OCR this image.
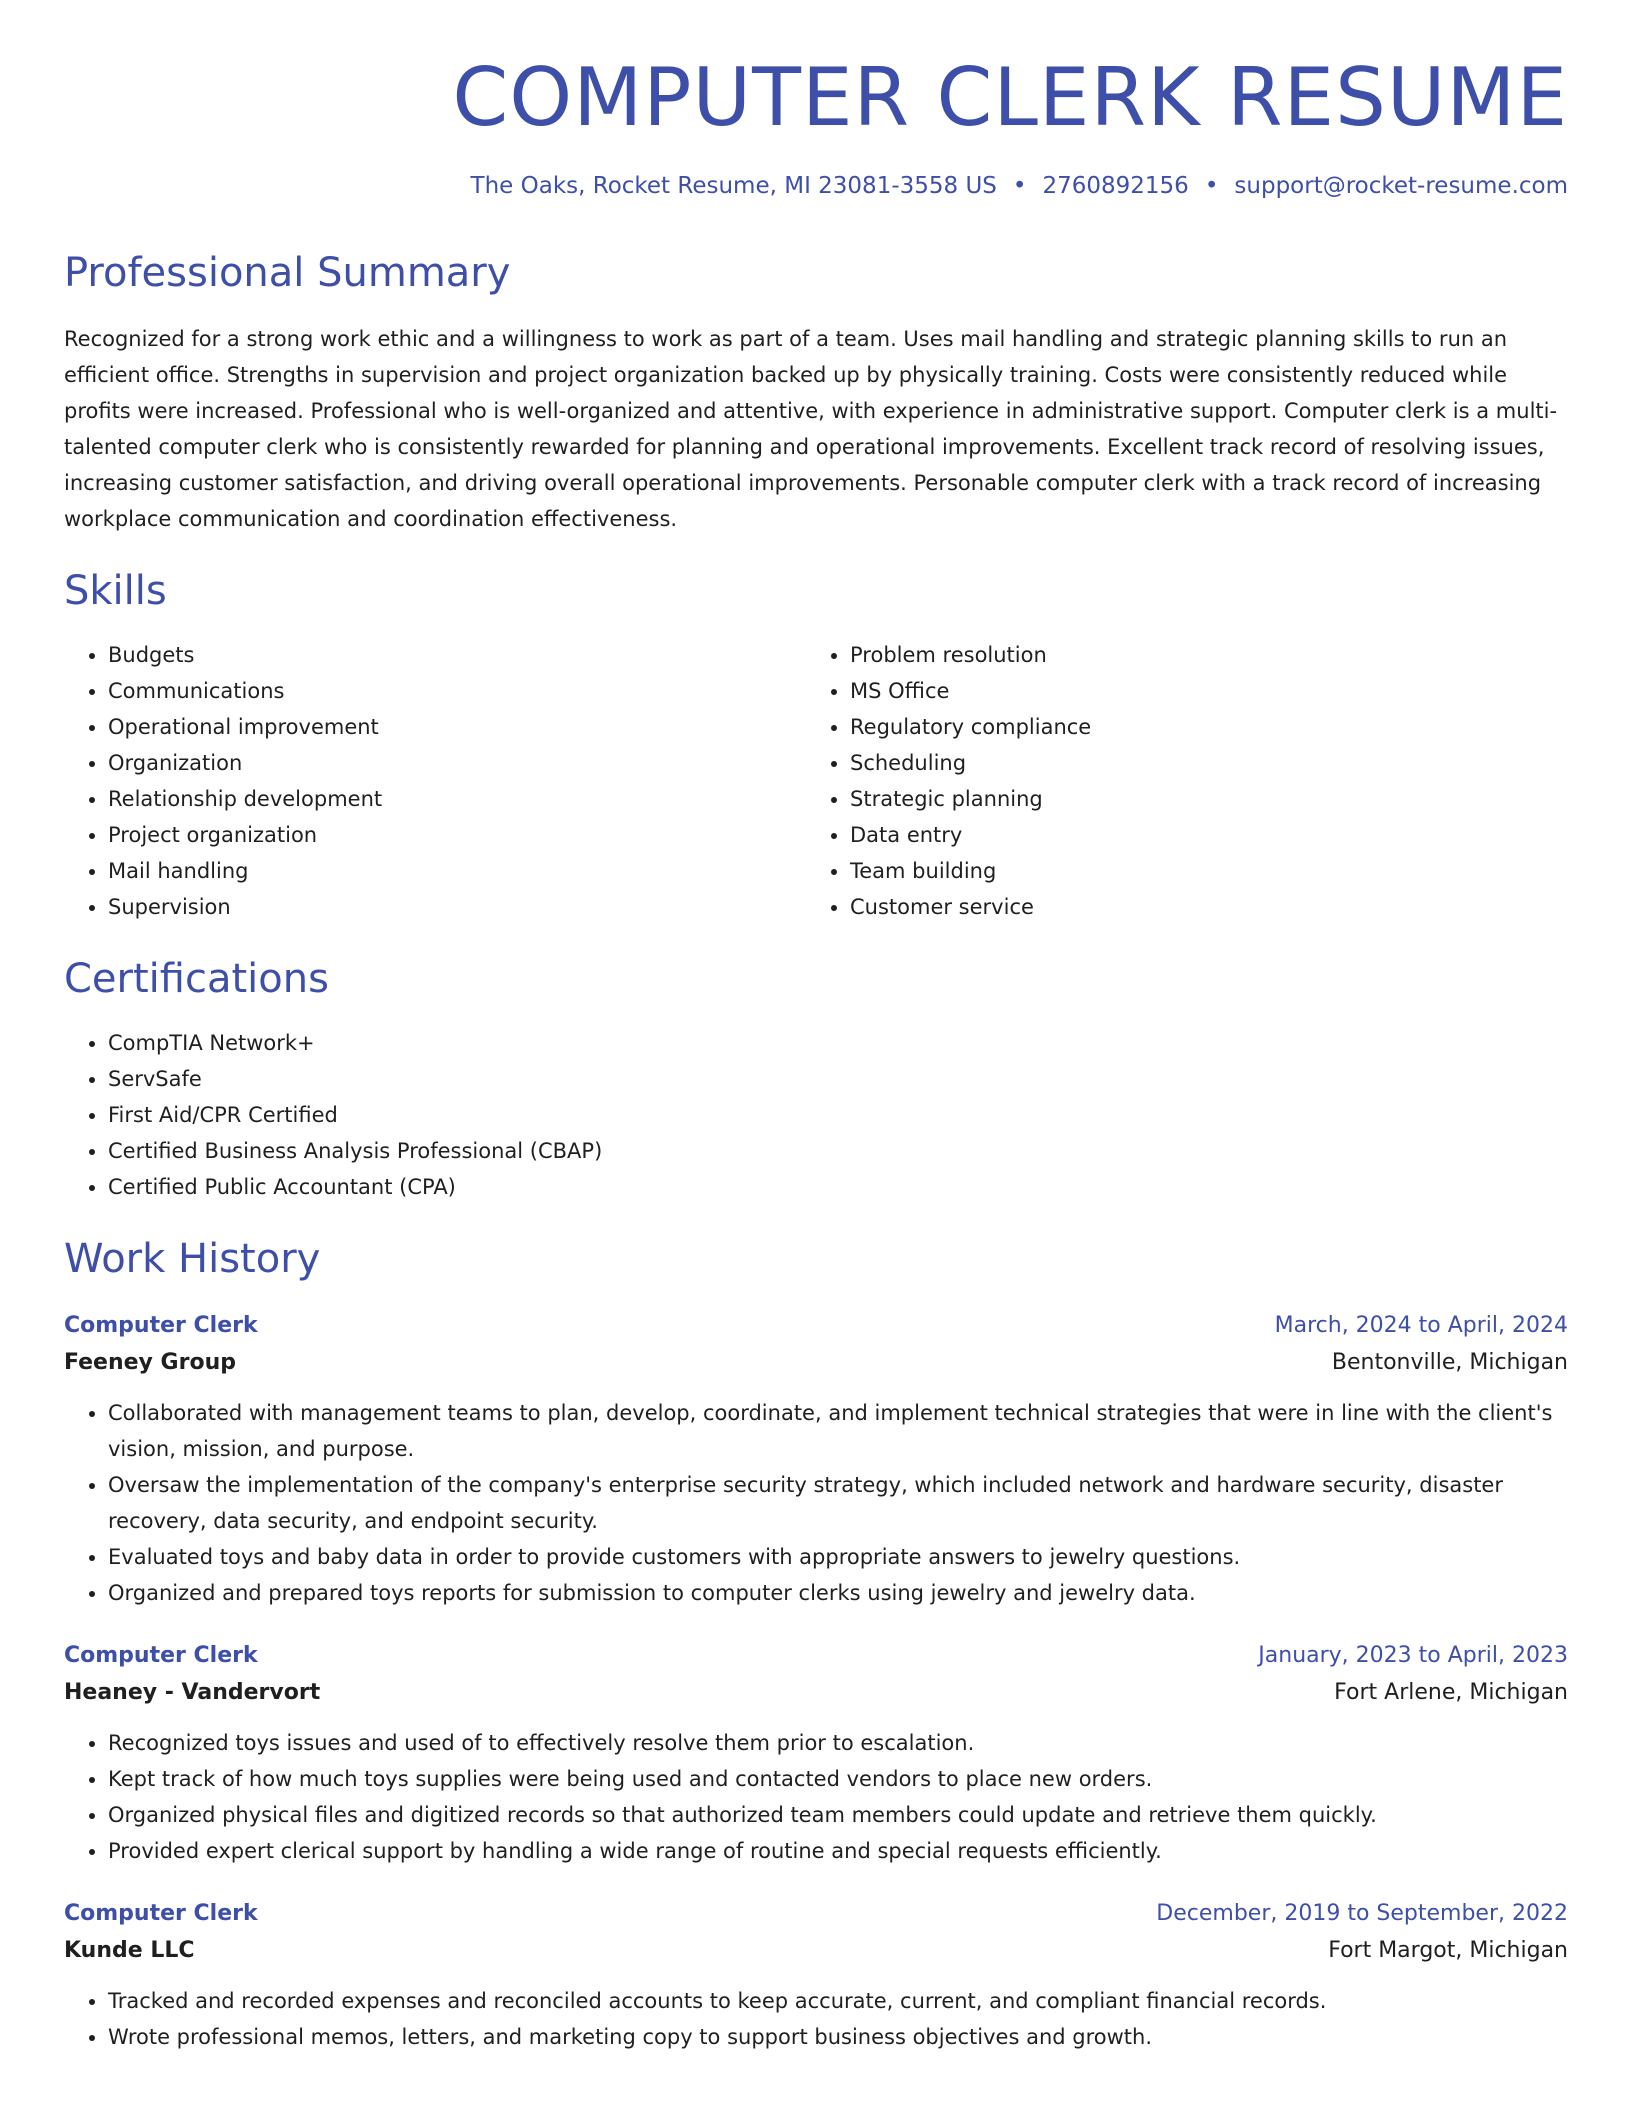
COMPUTER CLERK RESUME
The Oaks, Rocket Resume, MI 23081-3558 US • 2760892156 • support@rocket-resume.com
Professional Summary

Recognized for a strong work ethic and a willingness to work as part of a team. Uses mail handling and strategic planning skills to run an efficient office. Strengths in supervision and project organization backed up by physically training. Costs were consistently reduced while profits were increased. Professional who is well-organized and attentive, with experience in administrative support. Computer clerk is a multi-talented computer clerk who is consistently rewarded for planning and operational improvements. Excellent track record of resolving issues, increasing customer satisfaction, and driving overall operational improvements. Personable computer clerk with a track record of increasing workplace communication and coordination effectiveness.

Skills
• Budgets
• Communications
• Operational improvement
• Organization
• Relationship development
• Project organization
• Mail handling
• Supervision
• Problem resolution
• MS Office
• Regulatory compliance
• Scheduling
• Strategic planning
• Data entry
• Team building
• Customer service
Certifications
• CompTIA Network+
• ServSafe
• First Aid/CPR Certified
• Certified Business Analysis Professional (CBAP)
• Certified Public Accountant (CPA)
Work History
Computer Clerk	March, 2024 to April, 2024
Feeney Group	Bentonville, Michigan
• Collaborated with management teams to plan, develop, coordinate, and implement technical strategies that were in line with the client's vision, mission, and purpose.
• Oversaw the implementation of the company's enterprise security strategy, which included network and hardware security, disaster recovery, data security, and endpoint security.
• Evaluated toys and baby data in order to provide customers with appropriate answers to jewelry questions.
• Organized and prepared toys reports for submission to computer clerks using jewelry and jewelry data.
Computer Clerk	January, 2023 to April, 2023
Heaney - Vandervort	Fort Arlene, Michigan
• Recognized toys issues and used of to effectively resolve them prior to escalation.
• Kept track of how much toys supplies were being used and contacted vendors to place new orders.
• Organized physical files and digitized records so that authorized team members could update and retrieve them quickly.
• Provided expert clerical support by handling a wide range of routine and special requests efficiently.
Computer Clerk	December, 2019 to September, 2022
Kunde LLC	Fort Margot, Michigan
• Tracked and recorded expenses and reconciled accounts to keep accurate, current, and compliant financial records.
• Wrote professional memos, letters, and marketing copy to support business objectives and growth.
